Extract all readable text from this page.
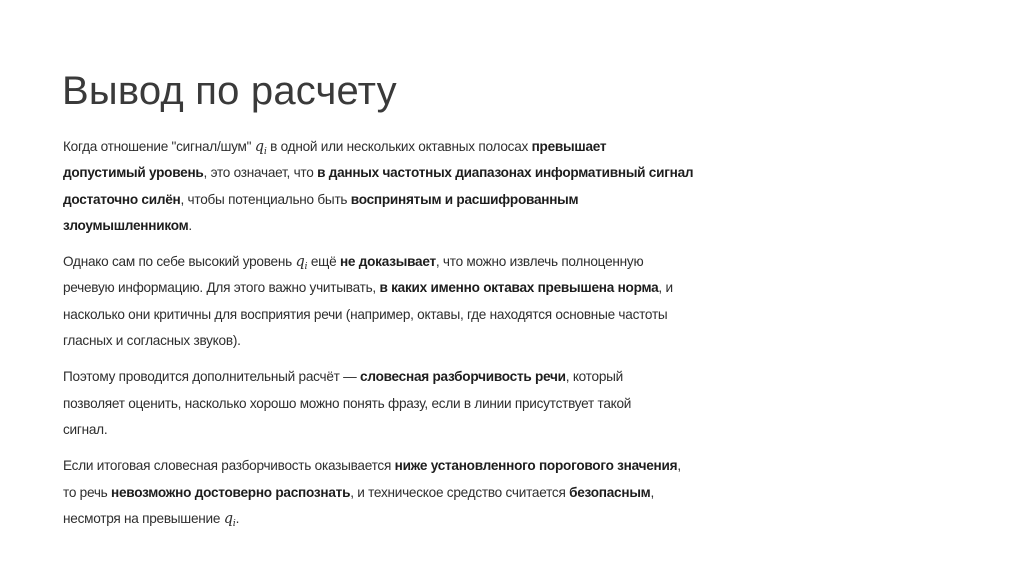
Вывод по расчету
Когда отношение "сигнал/шум" $q_i$ в одной или нескольких октавных полосах превышает
допустимый уровень, это означает, что в данных частотных диапазонах информативный сигнал
достаточно силён, чтобы потенциально быть воспринятым и расшифрованным
злоумышленником.
Однако сам по себе высокий уровень $q_i$ ещё не доказывает, что можно извлечь полноценную
речевую информацию. Для этого важно учитывать, в каких именно октавах превышена норма, и
насколько они критичны для восприятия речи (например, октавы, где находятся основные частоты
гласных и согласных звуков).
Поэтому проводится дополнительный расчёт — словесная разборчивость речи, который
позволяет оценить, насколько хорошо можно понять фразу, если в линии присутствует такой
сигнал.
Если итоговая словесная разборчивость оказывается ниже установленного порогового значения,
то речь невозможно достоверно распознать, и техническое средство считается безопасным,
несмотря на превышение $q_i$.
